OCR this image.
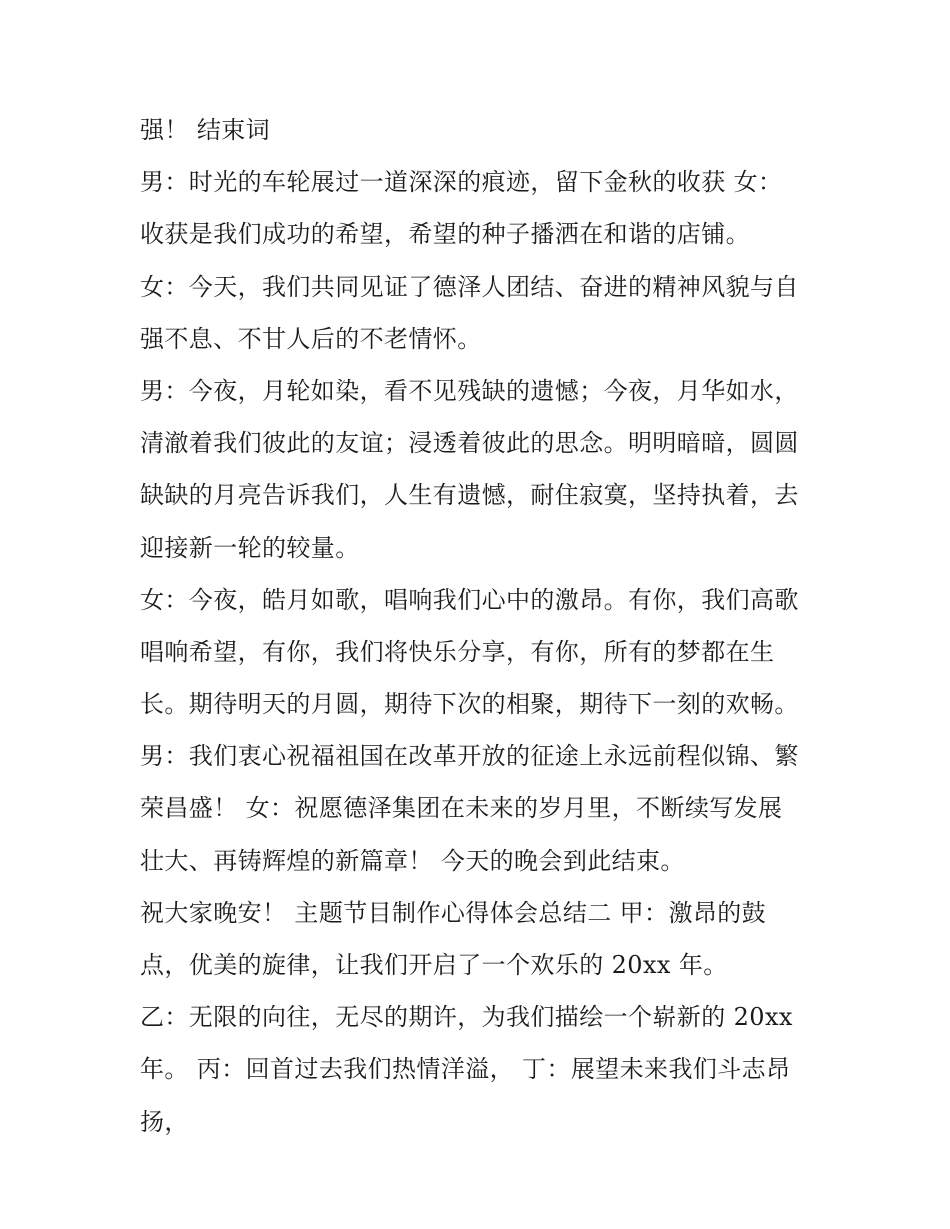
强！ 结束词
男：时光的车轮展过一道深深的痕迹，留下金秋的收获 女：
收获是我们成功的希望，希望的种子播洒在和谐的店铺。
女：今天，我们共同见证了德泽人团结、奋进的精神风貌与自
强不息、不甘人后的不老情怀。
男：今夜，月轮如染，看不见残缺的遗憾；今夜，月华如水，
清澈着我们彼此的友谊；浸透着彼此的思念。明明暗暗，圆圆
缺缺的月亮告诉我们，人生有遗憾，耐住寂寞，坚持执着，去
迎接新一轮的较量。
女：今夜，皓月如歌，唱响我们心中的激昂。有你，我们高歌
唱响希望，有你，我们将快乐分享，有你，所有的梦都在生
长。期待明天的月圆，期待下次的相聚，期待下一刻的欢畅。
男：我们衷心祝福祖国在改革开放的征途上永远前程似锦、繁
荣昌盛！ 女：祝愿德泽集团在未来的岁月里，不断续写发展
壮大、再铸辉煌的新篇章！ 今天的晚会到此结束。
祝大家晚安！ 主题节目制作心得体会总结二 甲：激昂的鼓
点，优美的旋律，让我们开启了一个欢乐的 20xx 年。
乙：无限的向往，无尽的期许，为我们描绘一个崭新的 20xx
年。 丙：回首过去我们热情洋溢， 丁：展望未来我们斗志昂
扬，
